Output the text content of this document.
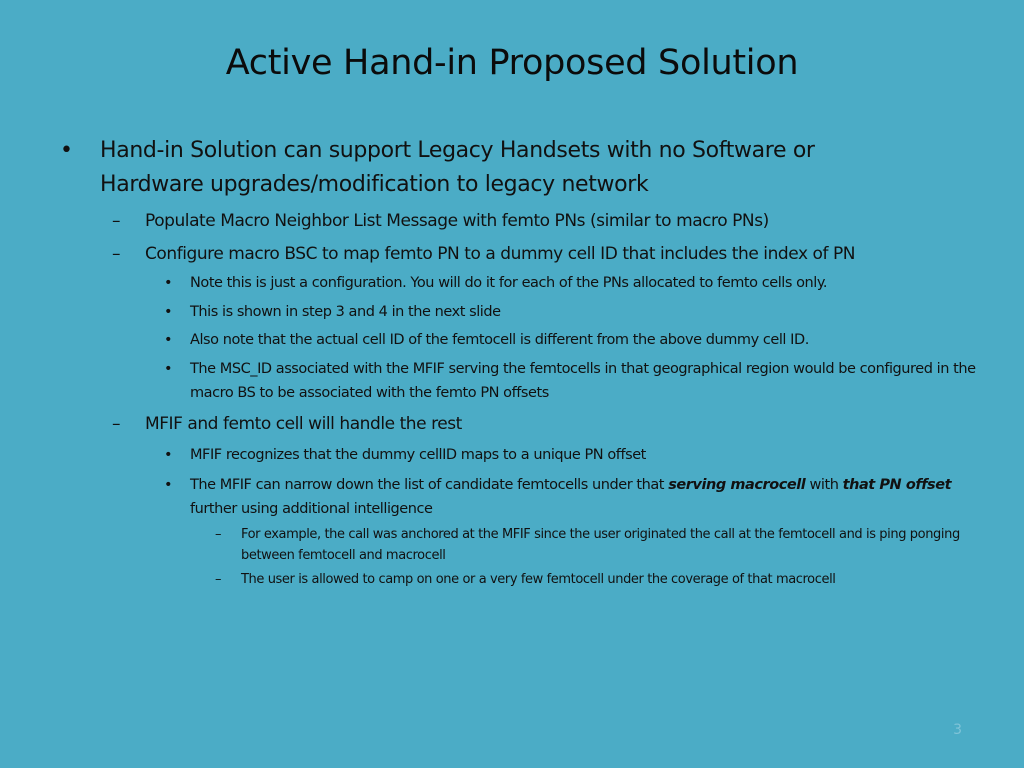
Active Hand-in Proposed Solution
• Hand-in Solution can support Legacy Handsets with no Software or Hardware upgrades/modification to legacy network
– Populate Macro Neighbor List Message with femto PNs (similar to macro PNs)
– Configure macro BSC to map femto PN to a dummy cell ID that includes the index of PN
• Note this is just a configuration. You will do it for each of the PNs allocated to femto cells only.
• This is shown in step 3 and 4 in the next slide
• Also note that the actual cell ID of the femtocell is different from the above dummy cell ID.
• The MSC_ID associated with the MFIF serving the femtocells in that geographical region would be configured in the macro BS to be associated with the femto PN offsets
– MFIF and femto cell will handle the rest
• MFIF recognizes that the dummy cellID maps to a unique PN offset
• The MFIF can narrow down the list of candidate femtocells under that serving macrocell with that PN offset further using additional intelligence
– For example, the call was anchored at the MFIF since the user originated the call at the femtocell and is ping ponging between femtocell and macrocell
– The user is allowed to camp on one or a very few femtocell under the coverage of that macrocell
3
